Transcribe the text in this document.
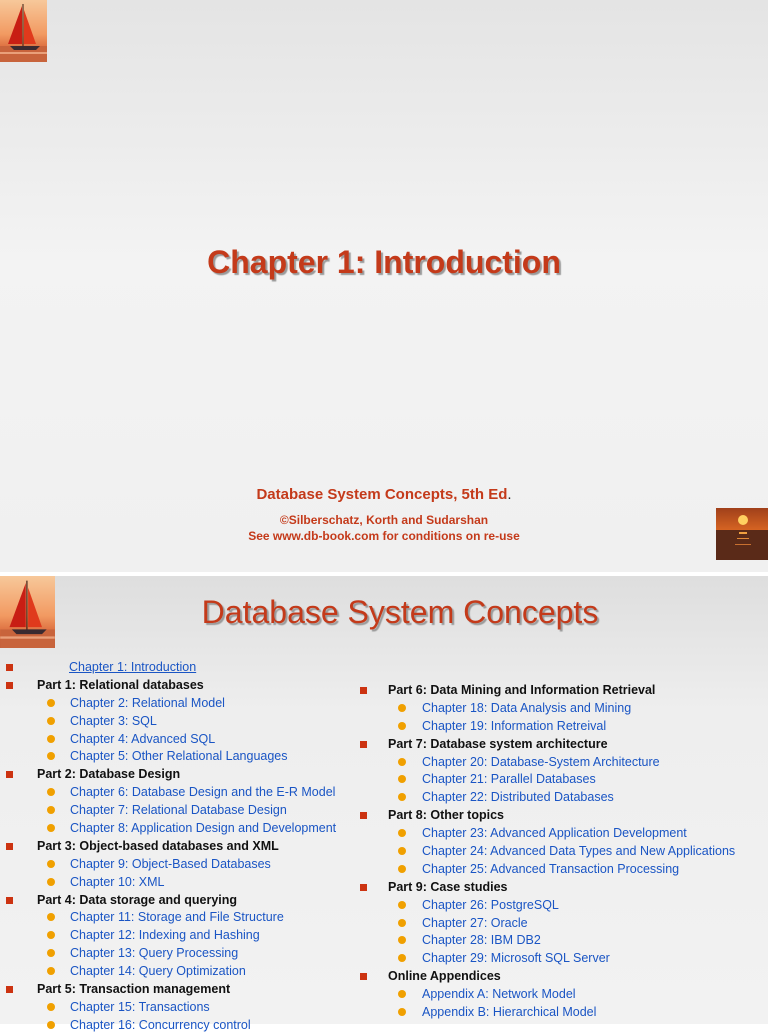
Chapter 1: Introduction
Database System Concepts, 5th Ed.
©Silberschatz, Korth and Sudarshan
See www.db-book.com for conditions on re-use
Database System Concepts
Chapter 1: Introduction
Part 1: Relational databases
Chapter 2: Relational Model
Chapter 3: SQL
Chapter 4: Advanced SQL
Chapter 5: Other Relational Languages
Part 2: Database Design
Chapter 6: Database Design and the E-R Model
Chapter 7: Relational Database Design
Chapter 8: Application Design and Development
Part 3: Object-based databases and XML
Chapter 9: Object-Based Databases
Chapter 10: XML
Part 4: Data storage and querying
Chapter 11: Storage and File Structure
Chapter 12: Indexing and Hashing
Chapter 13: Query Processing
Chapter 14: Query Optimization
Part 5: Transaction management
Chapter 15: Transactions
Chapter 16: Concurrency control
Part 6: Data Mining and Information Retrieval
Chapter 18: Data Analysis and Mining
Chapter 19: Information Retreival
Part 7: Database system architecture
Chapter 20: Database-System Architecture
Chapter 21: Parallel Databases
Chapter 22: Distributed Databases
Part 8: Other topics
Chapter 23: Advanced Application Development
Chapter 24: Advanced Data Types and New Applications
Chapter 25: Advanced Transaction Processing
Part 9: Case studies
Chapter 26: PostgreSQL
Chapter 27: Oracle
Chapter 28: IBM DB2
Chapter 29: Microsoft SQL Server
Online Appendices
Appendix A: Network Model
Appendix B: Hierarchical Model
